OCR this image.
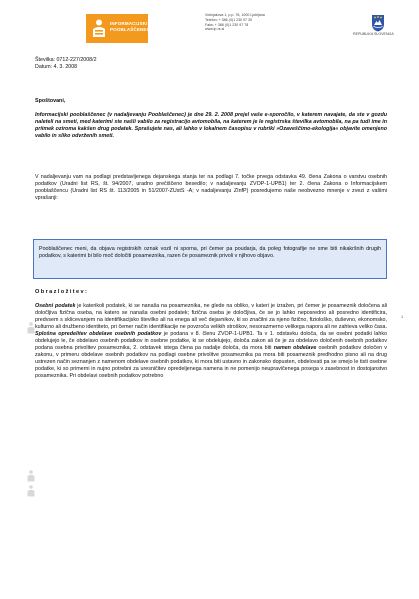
INFORMACIJSKI
POOBLAŠČENEC
Vošnjakova 1, p.p. 78, 1000 Ljubljana
Telefon: + 386 (0)1 230 97 30
Faks: + 386 (0)1 230 97 78
www.ip-rs.si
REPUBLIKA SLOVENIJA
Številka: 0712-227/2008/2
Datum: 4. 3. 2008
Spoštovani,

Informacijski pooblaščenec (v nadaljevanju Pooblaščenec) je dne 29. 2. 2008 prejel vaše e-sporočilo, v katerem navajate, da ste v gozdu naleteli na smeti, med katerimi ste našli vabilo za registracijo avtomobila, na katerem je le registrska številka avtomobila, na pa tudi ime in priimek oziroma kakšen drug podatek. Sprašujete nas, ali lahko v lokalnem časopisu v rubriki »Ozaveščimo-ekologija« objavite omenjeno vabilo in sliko odvrženih smeti.

V nadaljevanju vam na podlagi predstavljenega dejanskega stanja ter na podlagi 7. točke prvega odstavka 49. člena Zakona o varstvu osebnih podatkov (Uradni list RS, št. 94/2007, uradno prečiščeno besedilo; v nadaljevanju ZVOP-1-UPB1) ter 2. člena Zakona o Informacijskem pooblaščencu (Uradni list RS št. 113/2005 in 51/2007-ZUstS -A; v nadaljevanju ZInfP) posredujemo naše neobvezno mnenje v zvezi z vašimi vprašanji:

Pooblaščenec meni, da objava registrskih oznak vozil ni sporna, pri čemer pa poudarja, da poleg fotografije ne sme biti nikakršnih drugih podatkov, s katerimi bi bilo moč določiti posameznika, razen če posameznik privoli v njihovo objavo.

Obrazložitev:

Osebni podatek je katerikoli podatek, ki se nanaša na posameznika, ne glede na obliko, v kateri je izražen, pri čemer je posameznik določena ali določljiva fizična oseba, na katero se nanaša osebni podatek; fizična oseba je določljiva, če se jo lahko neposredno ali posredno identificira, predvsem s sklicevanjem na identifikacijsko številko ali na enega ali več dejavnikov, ki so značilni za njeno fizično, fiziološko, duševno, ekonomsko, kulturno ali družbeno identiteto, pri čemer način identifikacije ne povzroča velikih stroškov, nesorazmerno velikega napora ali ne zahteva veliko časa. Splošna opredelitev obdelave osebnih podatkov je podana v 8. členu ZVOP-1-UPB1. Ta v 1. odstavku določa, da se osebni podatki lahko obdelujejo le, če obdelavo osebnih podatkov in osebne podatke, ki se obdelujejo, določa zakon ali če je za obdelavo določenih osebnih podatkov podana osebna privolitev posameznika, 2. odstavek istega člena pa nadalje določa, da mora biti namen obdelave osebnih podatkov določen v zakonu, v primeru obdelave osebnih podatkov na podlagi osebne privolitve posameznika pa mora biti posameznik predhodno pisno ali na drug ustrezen način seznanjen z namenom obdelave osebnih podatkov, ki mora biti ustavno in zakonsko dopusten, obdelovati pa se smejo le tisti osebne podatke, ki so primerni in nujno potrebni za uresničitev opredeljenega namena in ne pomenijo neupravičenega posega v zasebnost in dostojanstvo posameznika. Pri obdelavi osebnih podatkov potrebno

1
